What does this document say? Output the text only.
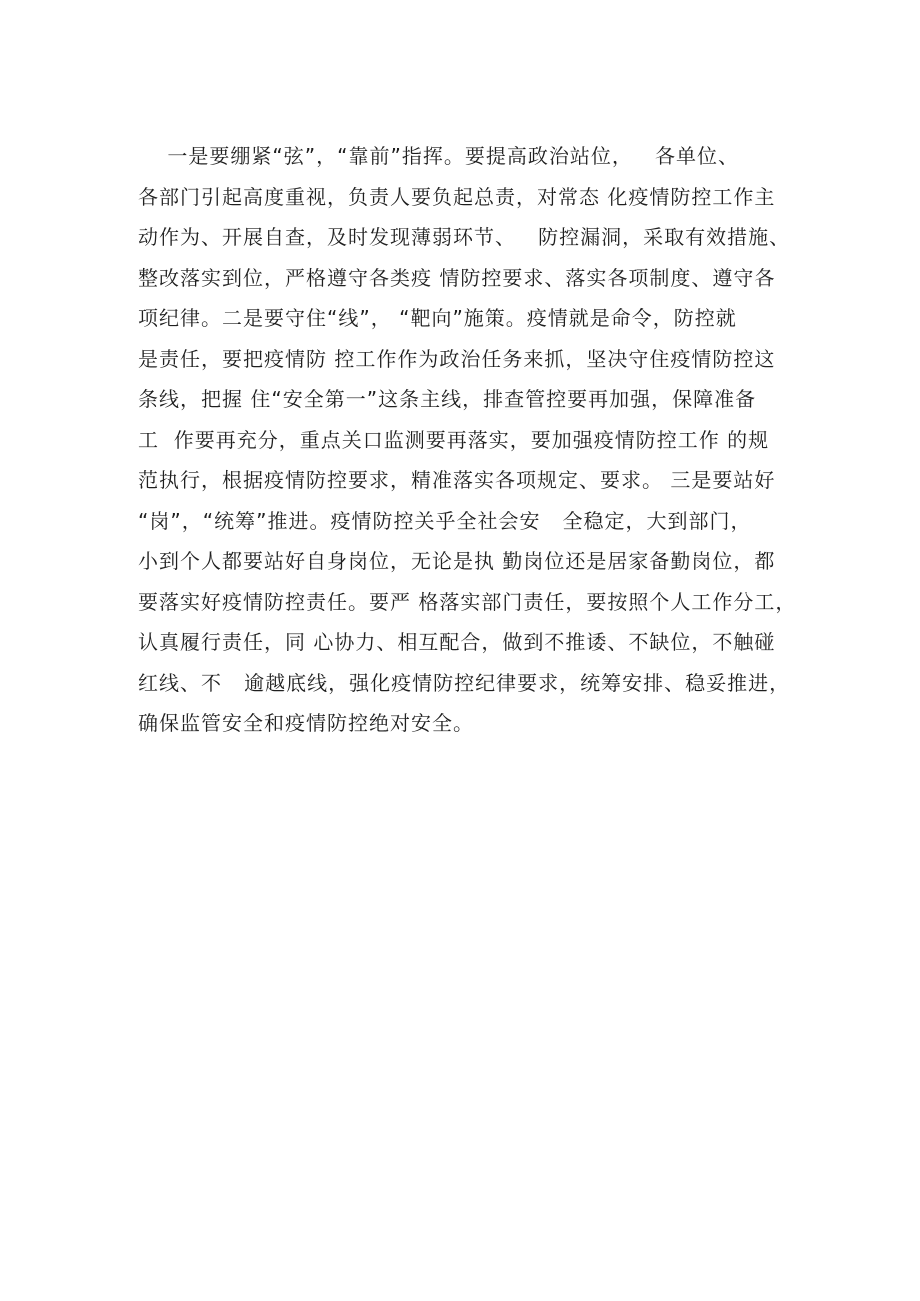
一是要绷紧“弦”，“靠前”指挥。要提高政治站位，   各单位、

各部门引起高度重视，负责人要负起总责，对常态 化疫情防控工作主

动作为、开展自查，及时发现薄弱环节、   防控漏洞，采取有效措施、

整改落实到位，严格遵守各类疫 情防控要求、落实各项制度、遵守各

项纪律。二是要守住“线”， “靶向”施策。疫情就是命令，防控就

是责任，要把疫情防 控工作作为政治任务来抓，坚决守住疫情防控这

条线，把握 住“安全第一”这条主线，排查管控要再加强，保障准备

工  作要再充分，重点关口监测要再落实，要加强疫情防控工作 的规

范执行，根据疫情防控要求，精准落实各项规定、要求。 三是要站好

“岗”，“统筹”推进。疫情防控关乎全社会安   全稳定，大到部门，

小到个人都要站好自身岗位，无论是执 勤岗位还是居家备勤岗位，都

要落实好疫情防控责任。要严 格落实部门责任，要按照个人工作分工，

认真履行责任，同 心协力、相互配合，做到不推诿、不缺位，不触碰

红线、不   逾越底线，强化疫情防控纪律要求，统筹安排、稳妥推进，

确保监管安全和疫情防控绝对安全。
